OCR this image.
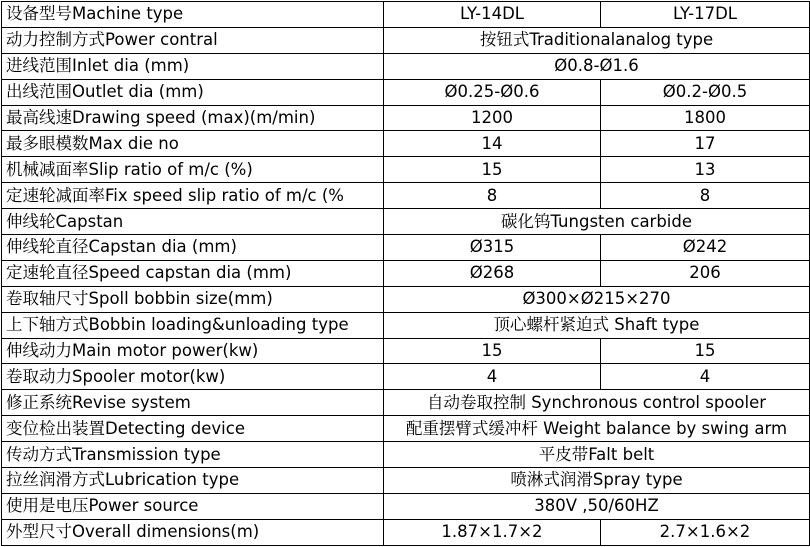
设备型号Machine type	LY-14DL	LY-17DL
动力控制方式Power contral	按钮式Traditionalanalog type	
进线范围Inlet dia (mm)	Ø0.8-Ø1.6	
出线范围Outlet dia (mm)	Ø0.25-Ø0.6	Ø0.2-Ø0.5
最高线速Drawing speed (max)(m/min)	1200	1800
最多眼模数Max die no	14	17
机械减面率Slip ratio of m/c (%)	15	13
定速轮减面率Fix speed slip ratio of m/c (%	8	8
伸线轮Capstan	碳化钨Tungsten carbide	
伸线轮直径Capstan dia (mm)	Ø315	Ø242
定速轮直径Speed capstan dia (mm)	Ø268	206
卷取轴尺寸Spoll bobbin size(mm)	Ø300×Ø215×270	
上下轴方式Bobbin loading&unloading type	顶心螺杆紧迫式 Shaft type	
伸线动力Main motor power(kw)	15	15
卷取动力Spooler motor(kw)	4	4
修正系统Revise system	自动卷取控制 Synchronous control spooler	
变位检出装置Detecting device	配重摆臂式缓冲杆 Weight balance by swing arm	
传动方式Transmission type	平皮带Falt belt	
拉丝润滑方式Lubrication type	喷淋式润滑Spray type	
使用是电压Power source	380V ,50/60HZ	
外型尺寸Overall dimensions(m)	1.87×1.7×2	2.7×1.6×2
